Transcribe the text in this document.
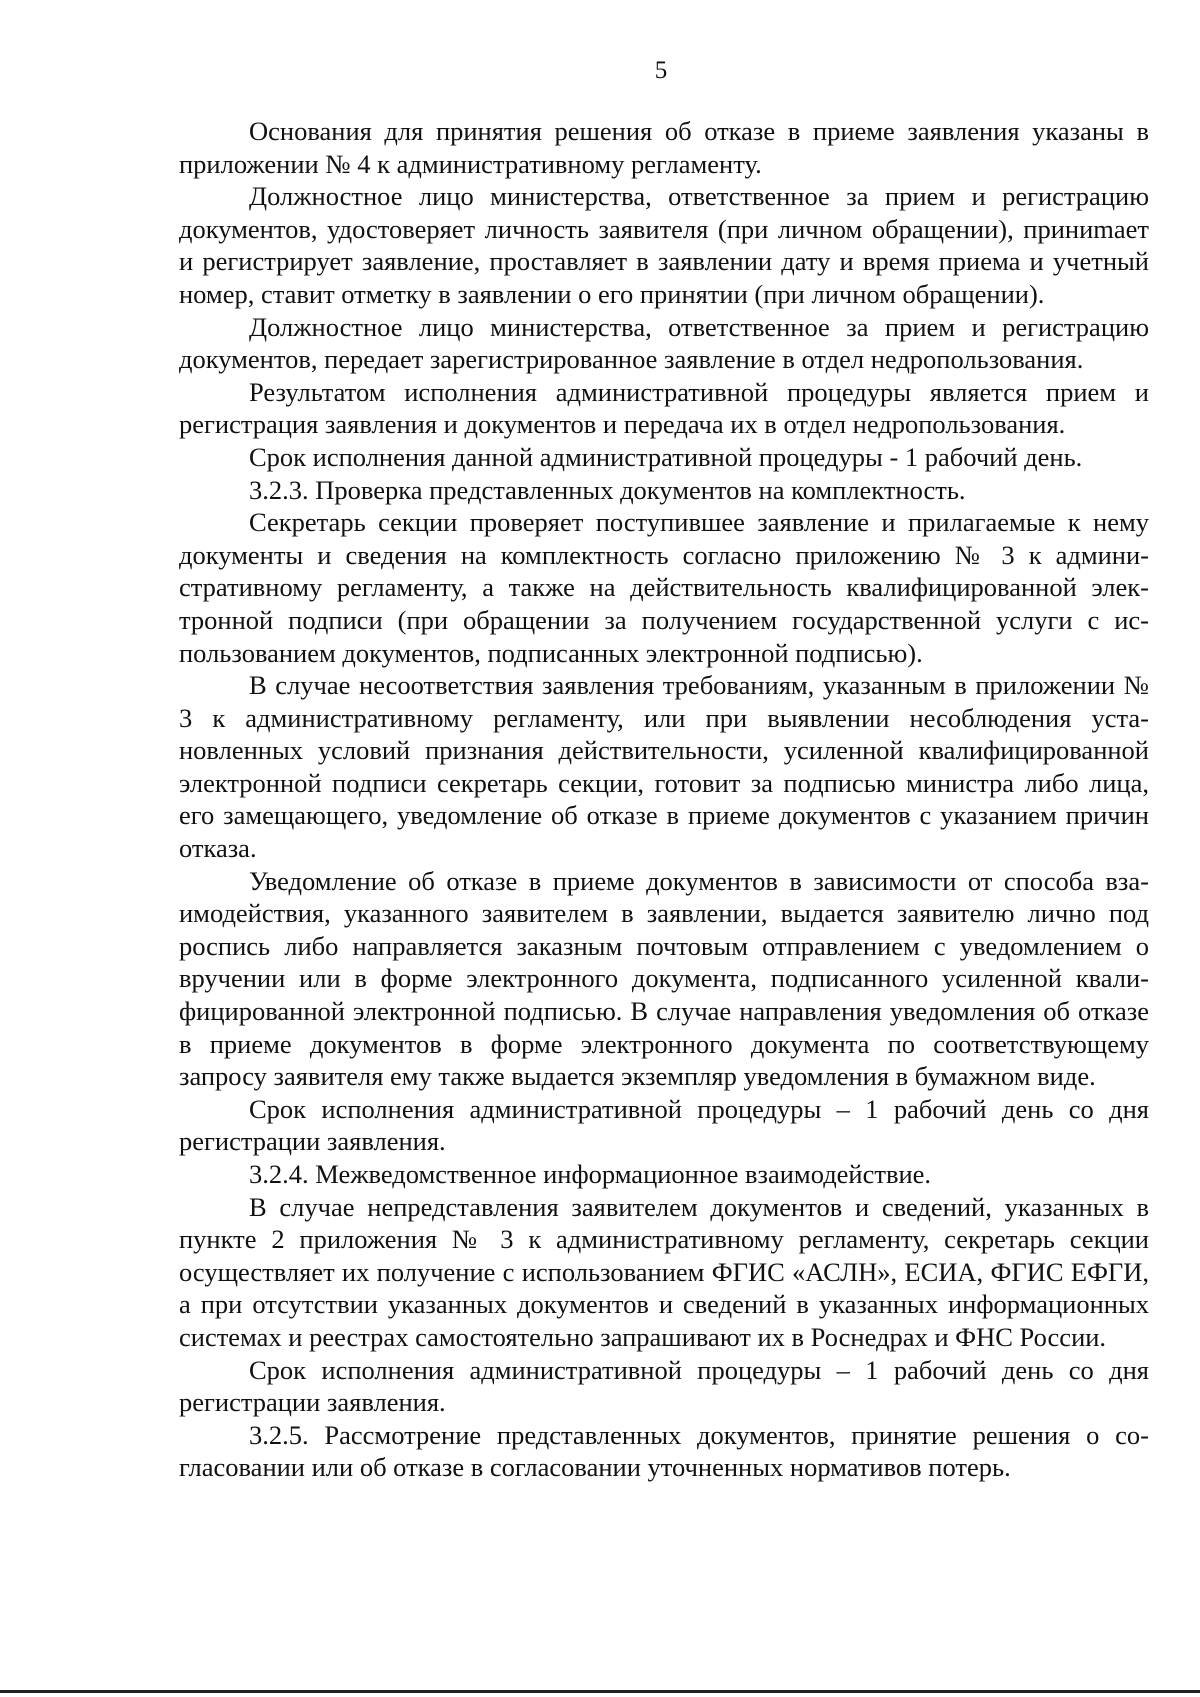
5

Основания для принятия решения об отказе в приеме заявления указаны в приложении № 4 к административному регламенту.

Должностное лицо министерства, ответственное за прием и регистрацию документов, удостоверяет личность заявителя (при личном обращении), приниmает и регистрирует заявление, проставляет в заявлении дату и время приема и учетный номер, ставит отметку в заявлении о его принятии (при личном обращении).

Должностное лицо министерства, ответственное за прием и регистрацию документов, передает зарегистрированное заявление в отдел недропользования.

Результатом исполнения административной процедуры является прием и регистрация заявления и документов и передача их в отдел недропользования.

Срок исполнения данной административной процедуры - 1 рабочий день.

3.2.3. Проверка представленных документов на комплектность.

Секретарь секции проверяет поступившее заявление и прилагаемые к нему документы и сведения на комплектность согласно приложению № 3 к административному регламенту, а также на действительность квалифицированной электронной подписи (при обращении за получением государственной услуги с использованием документов, подписанных электронной подписью).

В случае несоответствия заявления требованиям, указанным в приложении № 3 к административному регламенту, или при выявлении несоблюдения установленных условий признания действительности, усиленной квалифицированной электронной подписи секретарь секции, готовит за подписью министра либо лица, его замещающего, уведомление об отказе в приеме документов с указанием причин отказа.

Уведомление об отказе в приеме документов в зависимости от способа взаимодействия, указанного заявителем в заявлении, выдается заявителю лично под роспись либо направляется заказным почтовым отправлением с уведомлением о вручении или в форме электронного документа, подписанного усиленной квалифицированной электронной подписью. В случае направления уведомления об отказе в приеме документов в форме электронного документа по соответствующему запросу заявителя ему также выдается экземпляр уведомления в бумажном виде.

Срок исполнения административной процедуры – 1 рабочий день со дня регистрации заявления.

3.2.4. Межведомственное информационное взаимодействие.

В случае непредставления заявителем документов и сведений, указанных в пункте 2 приложения № 3 к административному регламенту, секретарь секции осуществляет их получение с использованием ФГИС «АСЛН», ЕСИА, ФГИС ЕФГИ, а при отсутствии указанных документов и сведений в указанных информационных системах и реестрах самостоятельно запрашивают их в Роснедрах и ФНС России.

Срок исполнения административной процедуры – 1 рабочий день со дня регистрации заявления.

3.2.5. Рассмотрение представленных документов, принятие решения о согласовании или об отказе в согласовании уточненных нормативов потерь.
